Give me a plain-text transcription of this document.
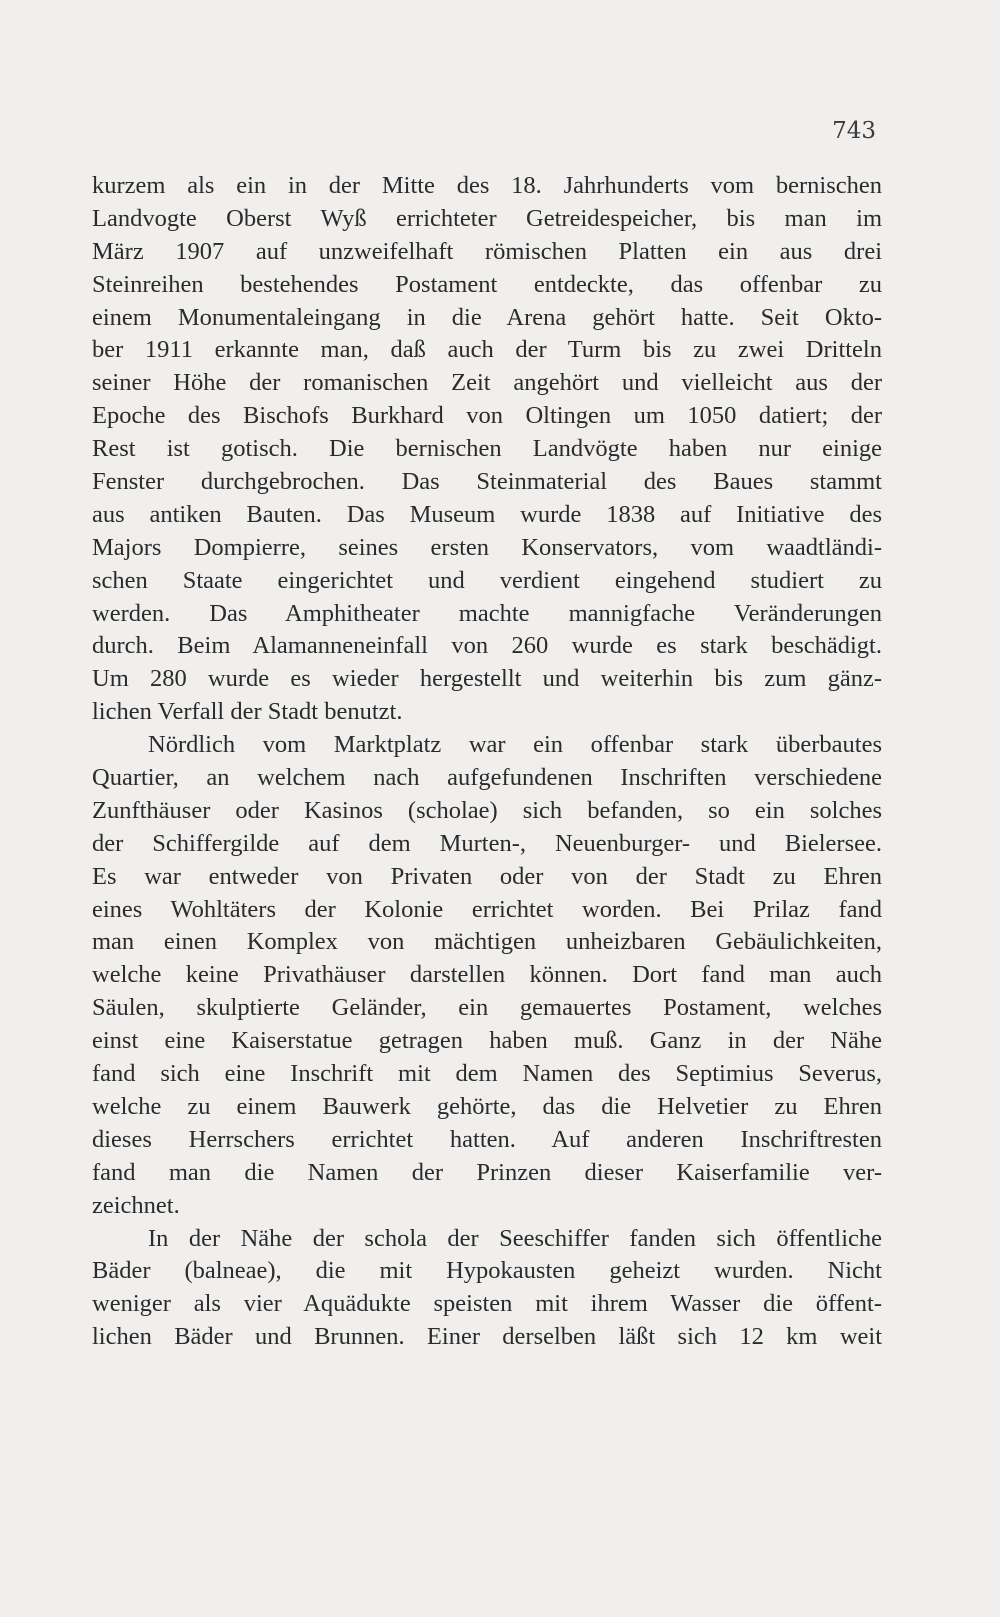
743
kurzem als ein in der Mitte des 18. Jahrhunderts vom bernischen
Landvogte Oberst Wyß errichteter Getreidespeicher, bis man im
März 1907 auf unzweifelhaft römischen Platten ein aus drei
Steinreihen bestehendes Postament entdeckte, das offenbar zu
einem Monumentaleingang in die Arena gehört hatte. Seit Okto-
ber 1911 erkannte man, daß auch der Turm bis zu zwei Dritteln
seiner Höhe der romanischen Zeit angehört und vielleicht aus der
Epoche des Bischofs Burkhard von Oltingen um 1050 datiert; der
Rest ist gotisch. Die bernischen Landvögte haben nur einige
Fenster durchgebrochen. Das Steinmaterial des Baues stammt
aus antiken Bauten. Das Museum wurde 1838 auf Initiative des
Majors Dompierre, seines ersten Konservators, vom waadtländi-
schen Staate eingerichtet und verdient eingehend studiert zu
werden. Das Amphitheater machte mannigfache Veränderungen
durch. Beim Alamanneneinfall von 260 wurde es stark beschädigt.
Um 280 wurde es wieder hergestellt und weiterhin bis zum gänz-
lichen Verfall der Stadt benutzt.
Nördlich vom Marktplatz war ein offenbar stark überbautes
Quartier, an welchem nach aufgefundenen Inschriften verschiedene
Zunfthäuser oder Kasinos (scholae) sich befanden, so ein solches
der Schiffergilde auf dem Murten-, Neuenburger- und Bielersee.
Es war entweder von Privaten oder von der Stadt zu Ehren
eines Wohltäters der Kolonie errichtet worden. Bei Prilaz fand
man einen Komplex von mächtigen unheizbaren Gebäulichkeiten,
welche keine Privathäuser darstellen können. Dort fand man auch
Säulen, skulptierte Geländer, ein gemauertes Postament, welches
einst eine Kaiserstatue getragen haben muß. Ganz in der Nähe
fand sich eine Inschrift mit dem Namen des Septimius Severus,
welche zu einem Bauwerk gehörte, das die Helvetier zu Ehren
dieses Herrschers errichtet hatten. Auf anderen Inschriftresten
fand man die Namen der Prinzen dieser Kaiserfamilie ver-
zeichnet.
In der Nähe der schola der Seeschiffer fanden sich öffentliche
Bäder (balneae), die mit Hypokausten geheizt wurden. Nicht
weniger als vier Aquädukte speisten mit ihrem Wasser die öffent-
lichen Bäder und Brunnen. Einer derselben läßt sich 12 km weit
